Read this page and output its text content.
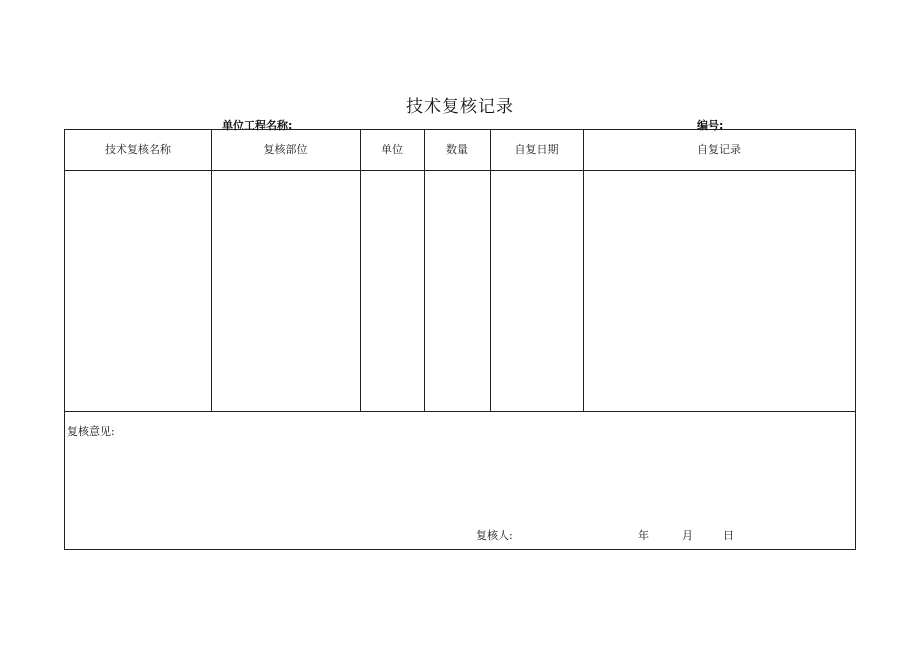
技术复核记录
单位工程名称:	编号:
技术复核名称	复核部位	单位	数量	自复日期	自复记录
复核意见:
复核人:	年	月	日
